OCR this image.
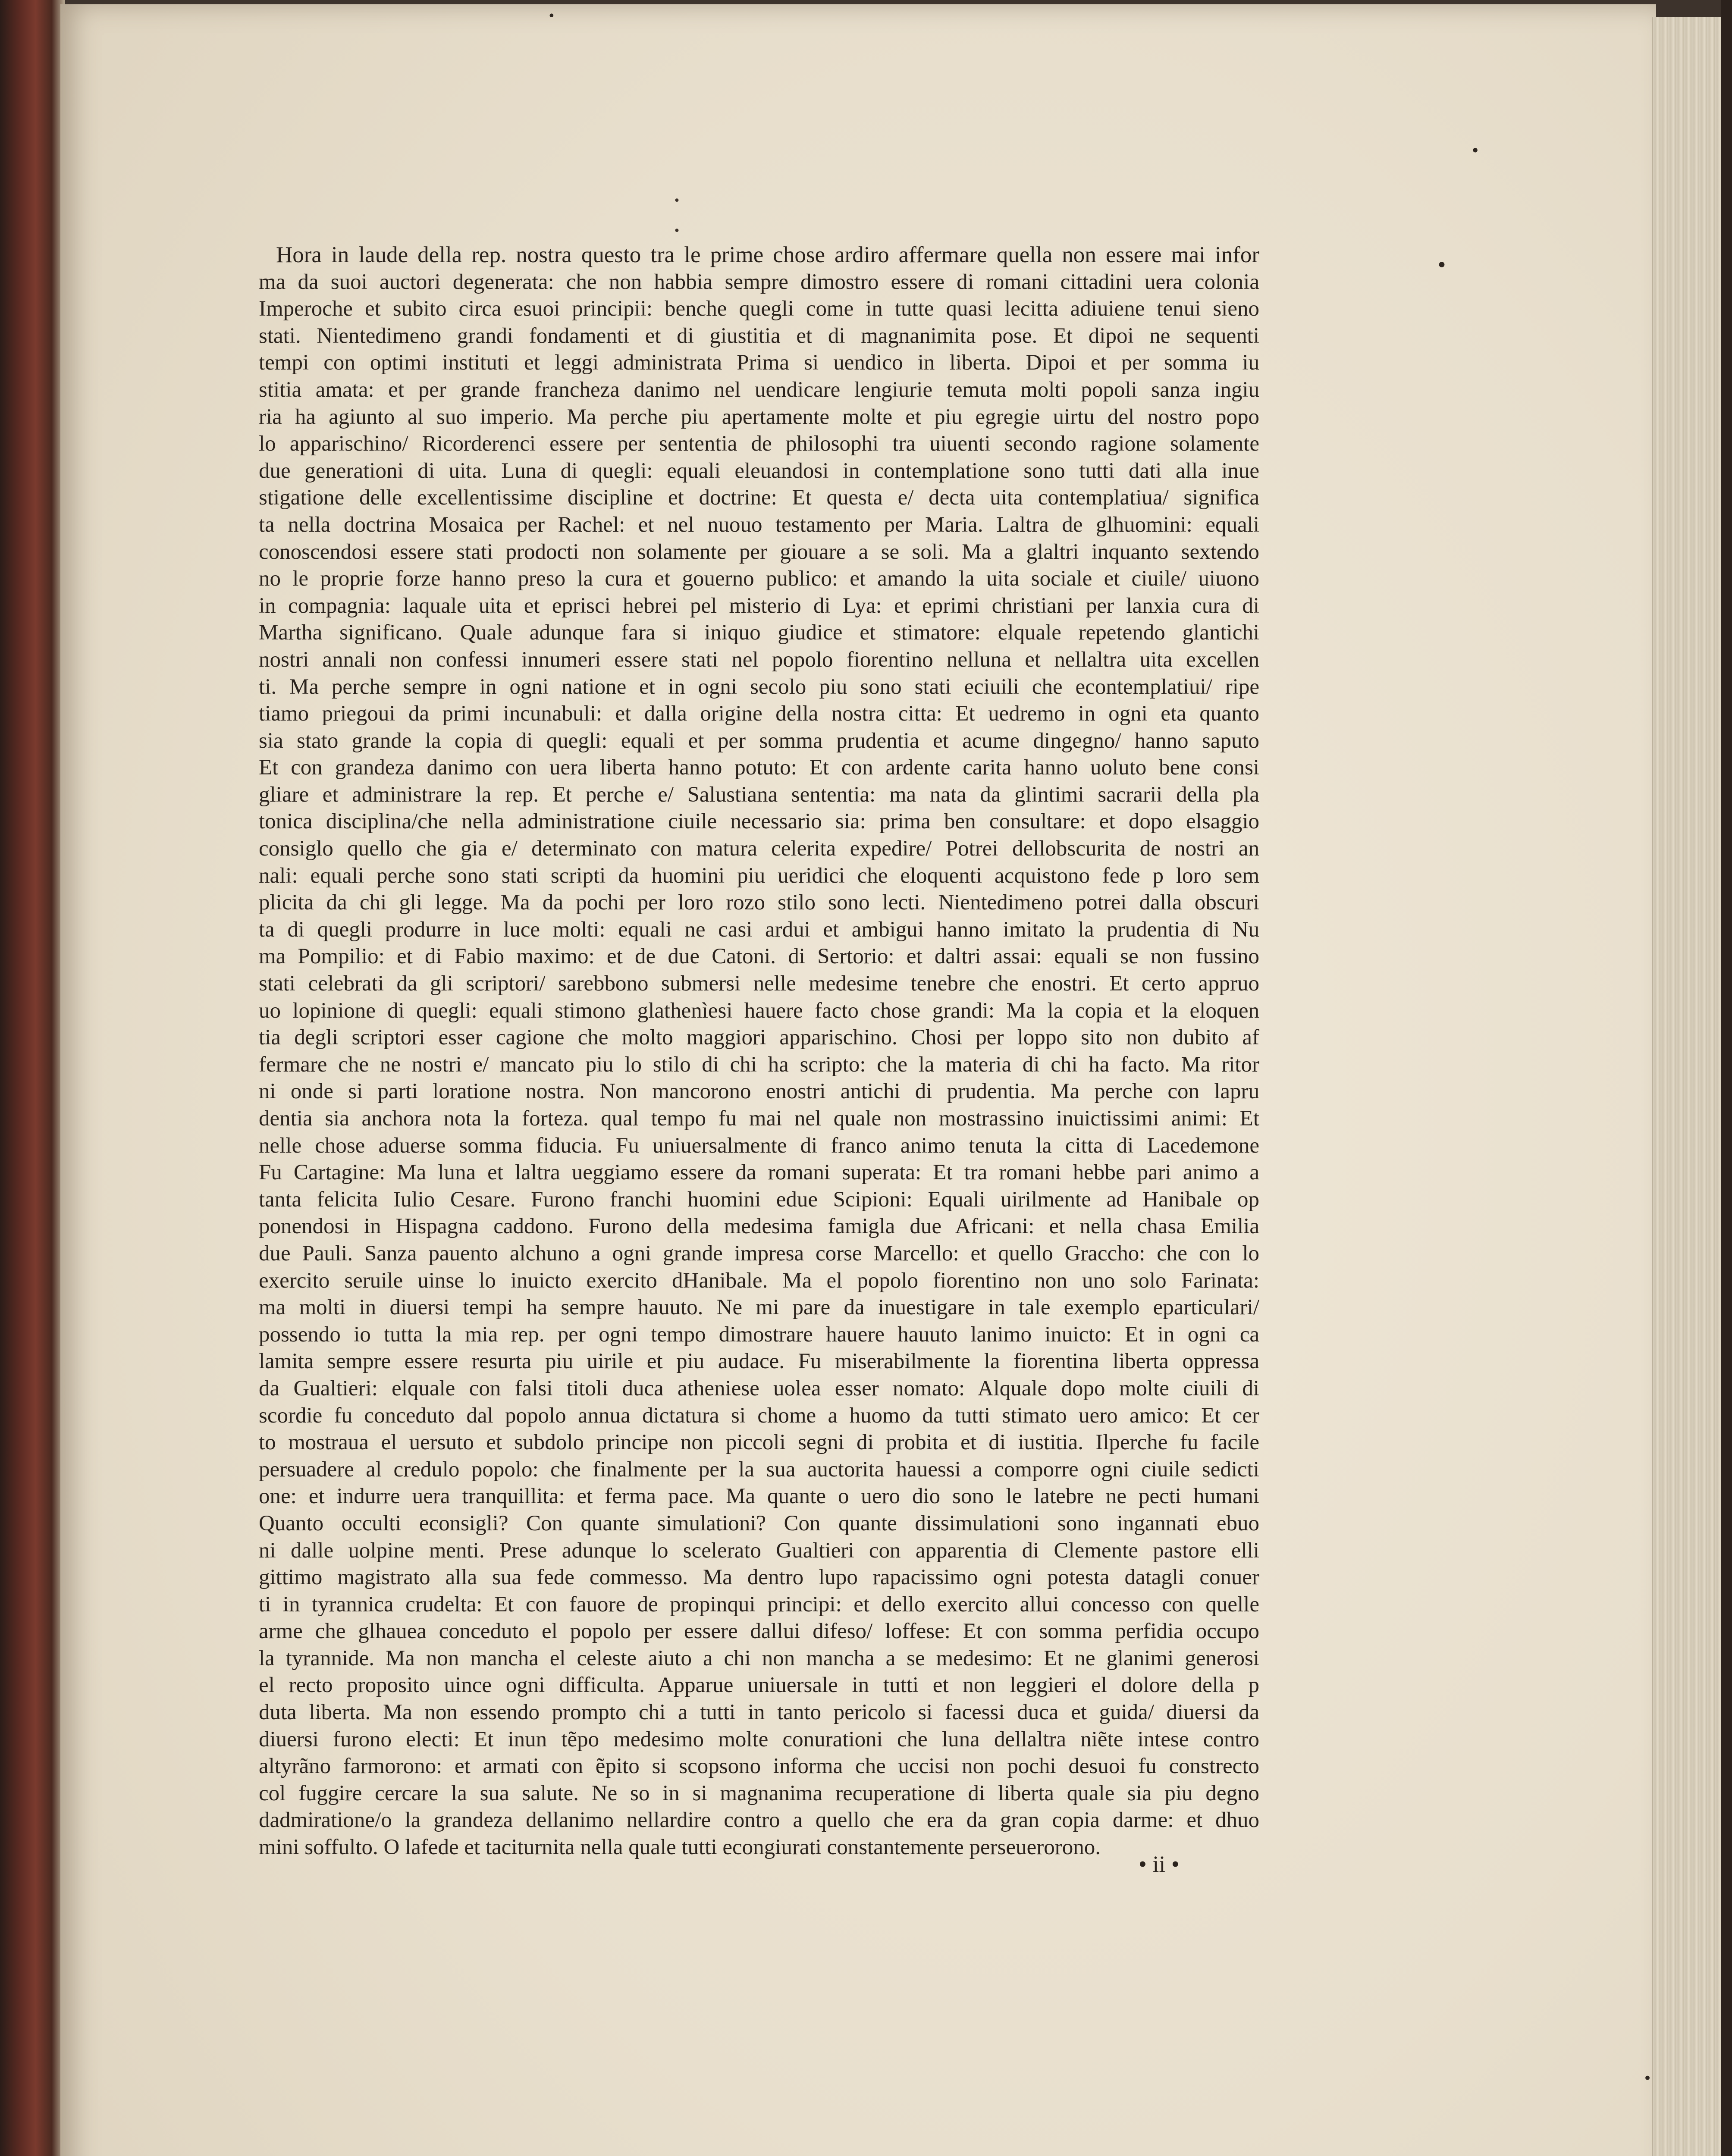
· ·
•
•
•
•
Hora in laude della rep. nostra questo tra le prime chose ardiro affermare quella non essere mai infor
ma da suoi auctori degenerata: che non habbia sempre dimostro essere di romani cittadini uera colonia
Imperoche et subito circa esuoi principii: benche quegli come in tutte quasi lecitta adiuiene tenui sieno
stati. Nientedimeno grandi fondamenti et di giustitia et di magnanimita pose. Et dipoi ne sequenti
tempi con optimi instituti et leggi administrata Prima si uendico in liberta. Dipoi et per somma iu
stitia amata: et per grande francheza danimo nel uendicare lengiurie temuta molti popoli sanza ingiu
ria ha agiunto al suo imperio. Ma perche piu apertamente molte et piu egregie uirtu del nostro popo
lo apparischino/ Ricorderenci essere per sententia de philosophi tra uiuenti secondo ragione solamente
due generationi di uita. Luna di quegli: equali eleuandosi in contemplatione sono tutti dati alla inue
stigatione delle excellentissime discipline et doctrine: Et questa e/ decta uita contemplatiua/ significa
ta nella doctrina Mosaica per Rachel: et nel nuouo testamento per Maria. Laltra de glhuomini: equali
conoscendosi essere stati prodocti non solamente per giouare a se soli. Ma a glaltri inquanto sextendo
no le proprie forze hanno preso la cura et gouerno publico: et amando la uita sociale et ciuile/ uiuono
in compagnia: laquale uita et eprisci hebrei pel misterio di Lya: et eprimi christiani per lanxia cura di
Martha significano. Quale adunque fara si iniquo giudice et stimatore: elquale repetendo glantichi
nostri annali non confessi innumeri essere stati nel popolo fiorentino nelluna et nellaltra uita excellen
ti. Ma perche sempre in ogni natione et in ogni secolo piu sono stati eciuili che econtemplatiui/ ripe
tiamo priegoui da primi incunabuli: et dalla origine della nostra citta: Et uedremo in ogni eta quanto
sia stato grande la copia di quegli: equali et per somma prudentia et acume dingegno/ hanno saputo
Et con grandeza danimo con uera liberta hanno potuto: Et con ardente carita hanno uoluto bene consi
gliare et administrare la rep. Et perche e/ Salustiana sententia: ma nata da glintimi sacrarii della pla
tonica disciplina/che nella administratione ciuile necessario sia: prima ben consultare: et dopo elsaggio
consiglo quello che gia e/ determinato con matura celerita expedire/ Potrei dellobscurita de nostri an
nali: equali perche sono stati scripti da huomini piu ueridici che eloquenti acquistono fede p loro sem
plicita da chi gli legge. Ma da pochi per loro rozo stilo sono lecti. Nientedimeno potrei dalla obscuri
ta di quegli produrre in luce molti: equali ne casi ardui et ambigui hanno imitato la prudentia di Nu
ma Pompilio: et di Fabio maximo: et de due Catoni. di Sertorio: et daltri assai: equali se non fussino
stati celebrati da gli scriptori/ sarebbono submersi nelle medesime tenebre che enostri. Et certo appruo
uo lopinione di quegli: equali stimono glathenìesi hauere facto chose grandi: Ma la copia et la eloquen
tia degli scriptori esser cagione che molto maggiori apparischino. Chosi per loppo sito non dubito af
fermare che ne nostri e/ mancato piu lo stilo di chi ha scripto: che la materia di chi ha facto. Ma ritor
ni onde si parti loratione nostra. Non mancorono enostri antichi di prudentia. Ma perche con lapru
dentia sia anchora nota la forteza. qual tempo fu mai nel quale non mostrassino inuictissimi animi: Et
nelle chose aduerse somma fiducia. Fu uniuersalmente di franco animo tenuta la citta di Lacedemone
Fu Cartagine: Ma luna et laltra ueggiamo essere da romani superata: Et tra romani hebbe pari animo a
tanta felicita Iulio Cesare. Furono franchi huomini edue Scipioni: Equali uirilmente ad Hanibale op
ponendosi in Hispagna caddono. Furono della medesima famigla due Africani: et nella chasa Emilia
due Pauli. Sanza pauento alchuno a ogni grande impresa corse Marcello: et quello Graccho: che con lo
exercito seruile uinse lo inuicto exercito dHanibale. Ma el popolo fiorentino non uno solo Farinata:
ma molti in diuersi tempi ha sempre hauuto. Ne mi pare da inuestigare in tale exemplo eparticulari/
possendo io tutta la mia rep. per ogni tempo dimostrare hauere hauuto lanimo inuicto: Et in ogni ca
lamita sempre essere resurta piu uirile et piu audace. Fu miserabilmente la fiorentina liberta oppressa
da Gualtieri: elquale con falsi titoli duca atheniese uolea esser nomato: Alquale dopo molte ciuili di
scordie fu conceduto dal popolo annua dictatura si chome a huomo da tutti stimato uero amico: Et cer
to mostraua el uersuto et subdolo principe non piccoli segni di probita et di iustitia. Ilperche fu facile
persuadere al credulo popolo: che finalmente per la sua auctorita hauessi a comporre ogni ciuile sedicti
one: et indurre uera tranquillita: et ferma pace. Ma quante o uero dio sono le latebre ne pecti humani
Quanto occulti econsigli? Con quante simulationi? Con quante dissimulationi sono ingannati ebuo
ni dalle uolpine menti. Prese adunque lo scelerato Gualtieri con apparentia di Clemente pastore elli
gittimo magistrato alla sua fede commesso. Ma dentro lupo rapacissimo ogni potesta datagli conuer
ti in tyrannica crudelta: Et con fauore de propinqui principi: et dello exercito allui concesso con quelle
arme che glhauea conceduto el popolo per essere dallui difeso/ loffese: Et con somma perfidia occupo
la tyrannide. Ma non mancha el celeste aiuto a chi non mancha a se medesimo: Et ne glanimi generosi
el recto proposito uince ogni difficulta. Apparue uniuersale in tutti et non leggieri el dolore della p
duta liberta. Ma non essendo prompto chi a tutti in tanto pericolo si facessi duca et guida/ diuersi da
diuersi furono electi: Et inun tẽpo medesimo molte conurationi che luna dellaltra niẽte intese contro
altyrãno farmorono: et armati con ẽpito si scopsono informa che uccisi non pochi desuoi fu constrecto
col fuggire cercare la sua salute. Ne so in si magnanima recuperatione di liberta quale sia piu degno
dadmiratione/o la grandeza dellanimo nellardire contro a quello che era da gran copia darme: et dhuo
mini soffulto. O lafede et taciturnita nella quale tutti econgiurati constantemente perseuerorono.
• ii •
